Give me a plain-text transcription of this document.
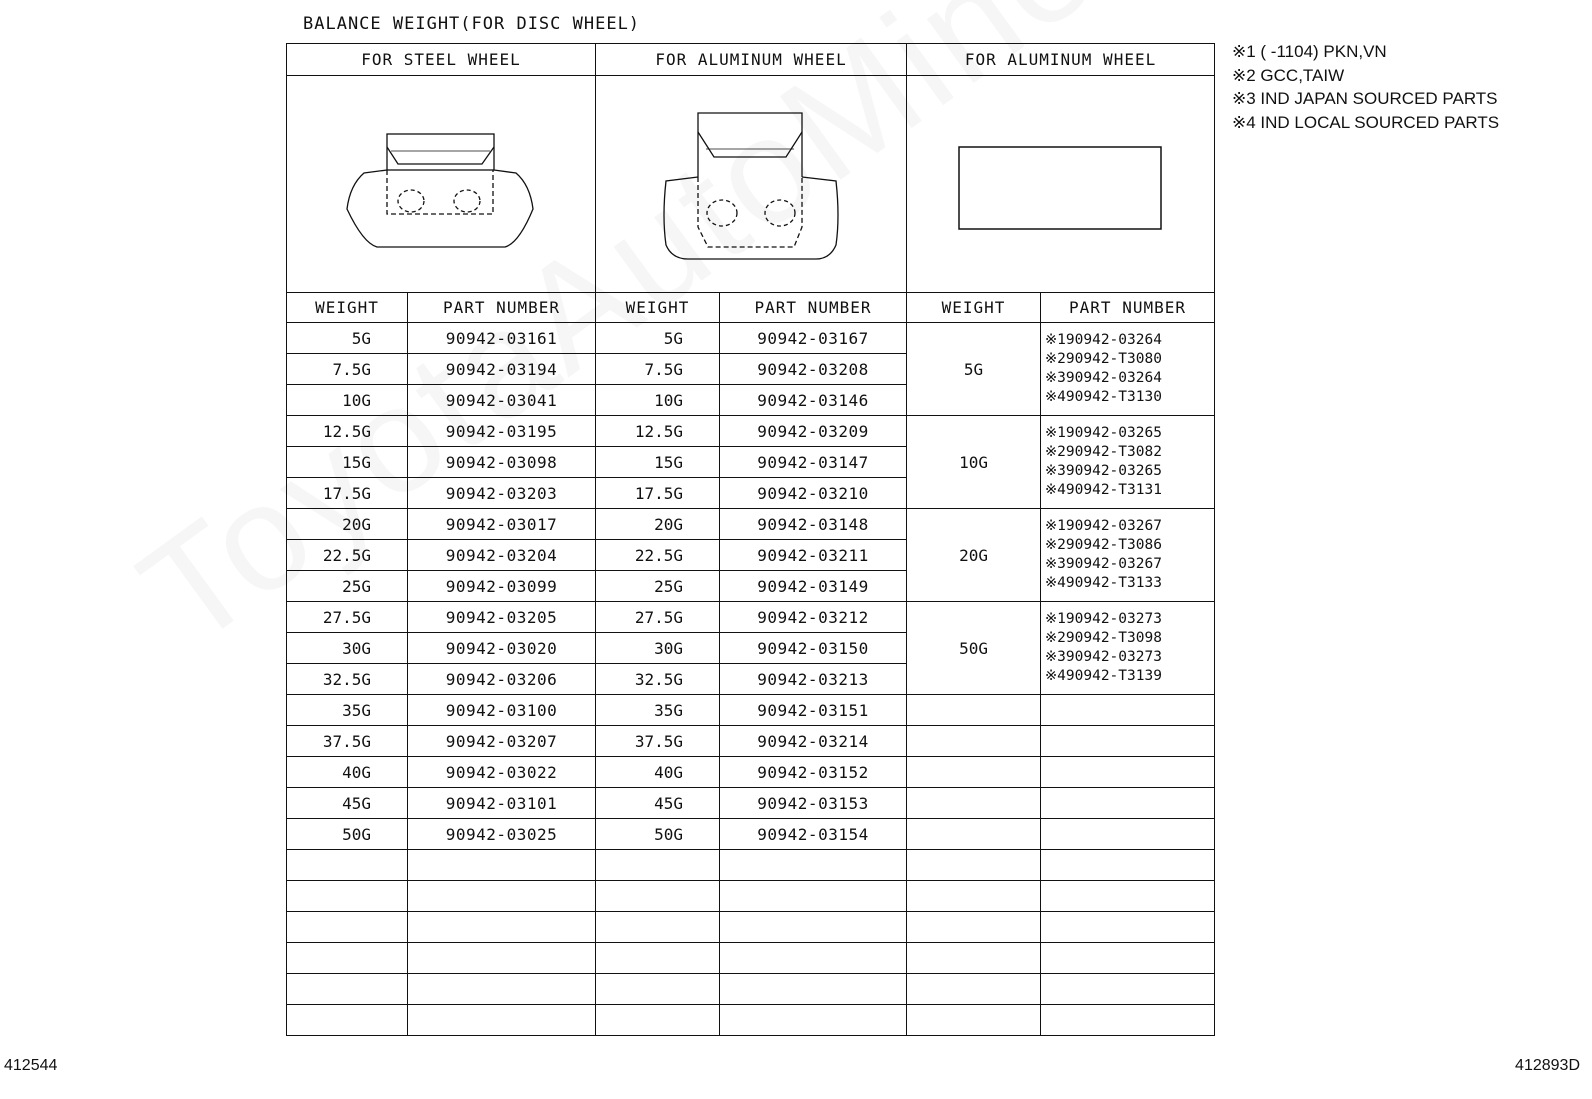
BALANCE WEIGHT(FOR DISC WHEEL)
FOR STEEL WHEEL		FOR ALUMINUM WHEEL		FOR ALUMINUM WHEEL	

WEIGHT	PART NUMBER	WEIGHT	PART NUMBER	WEIGHT	PART NUMBER
5G	90942-03161	5G	90942-03167	5G	※190942-03264
※290942-T3080
※390942-03264
※490942-T3130

7.5G	90942-03194	7.5G	90942-03208		
10G	90942-03041	10G	90942-03146		
12.5G	90942-03195	12.5G	90942-03209	10G	※190942-03265
※290942-T3082
※390942-03265
※490942-T3131

15G	90942-03098	15G	90942-03147		
17.5G	90942-03203	17.5G	90942-03210		
20G	90942-03017	20G	90942-03148	20G	※190942-03267
※290942-T3086
※390942-03267
※490942-T3133

22.5G	90942-03204	22.5G	90942-03211		
25G	90942-03099	25G	90942-03149		
27.5G	90942-03205	27.5G	90942-03212	50G	※190942-03273
※290942-T3098
※390942-03273
※490942-T3139

30G	90942-03020	30G	90942-03150		
32.5G	90942-03206	32.5G	90942-03213		
35G	90942-03100	35G	90942-03151		
37.5G	90942-03207	37.5G	90942-03214		
40G	90942-03022	40G	90942-03152		
45G	90942-03101	45G	90942-03153		
50G	90942-03025	50G	90942-03154		

※1 ( -1104) PKN,VN
※2 GCC,TAIW
※3 IND JAPAN SOURCED PARTS
※4 IND LOCAL SOURCED PARTS
412544	412893D
